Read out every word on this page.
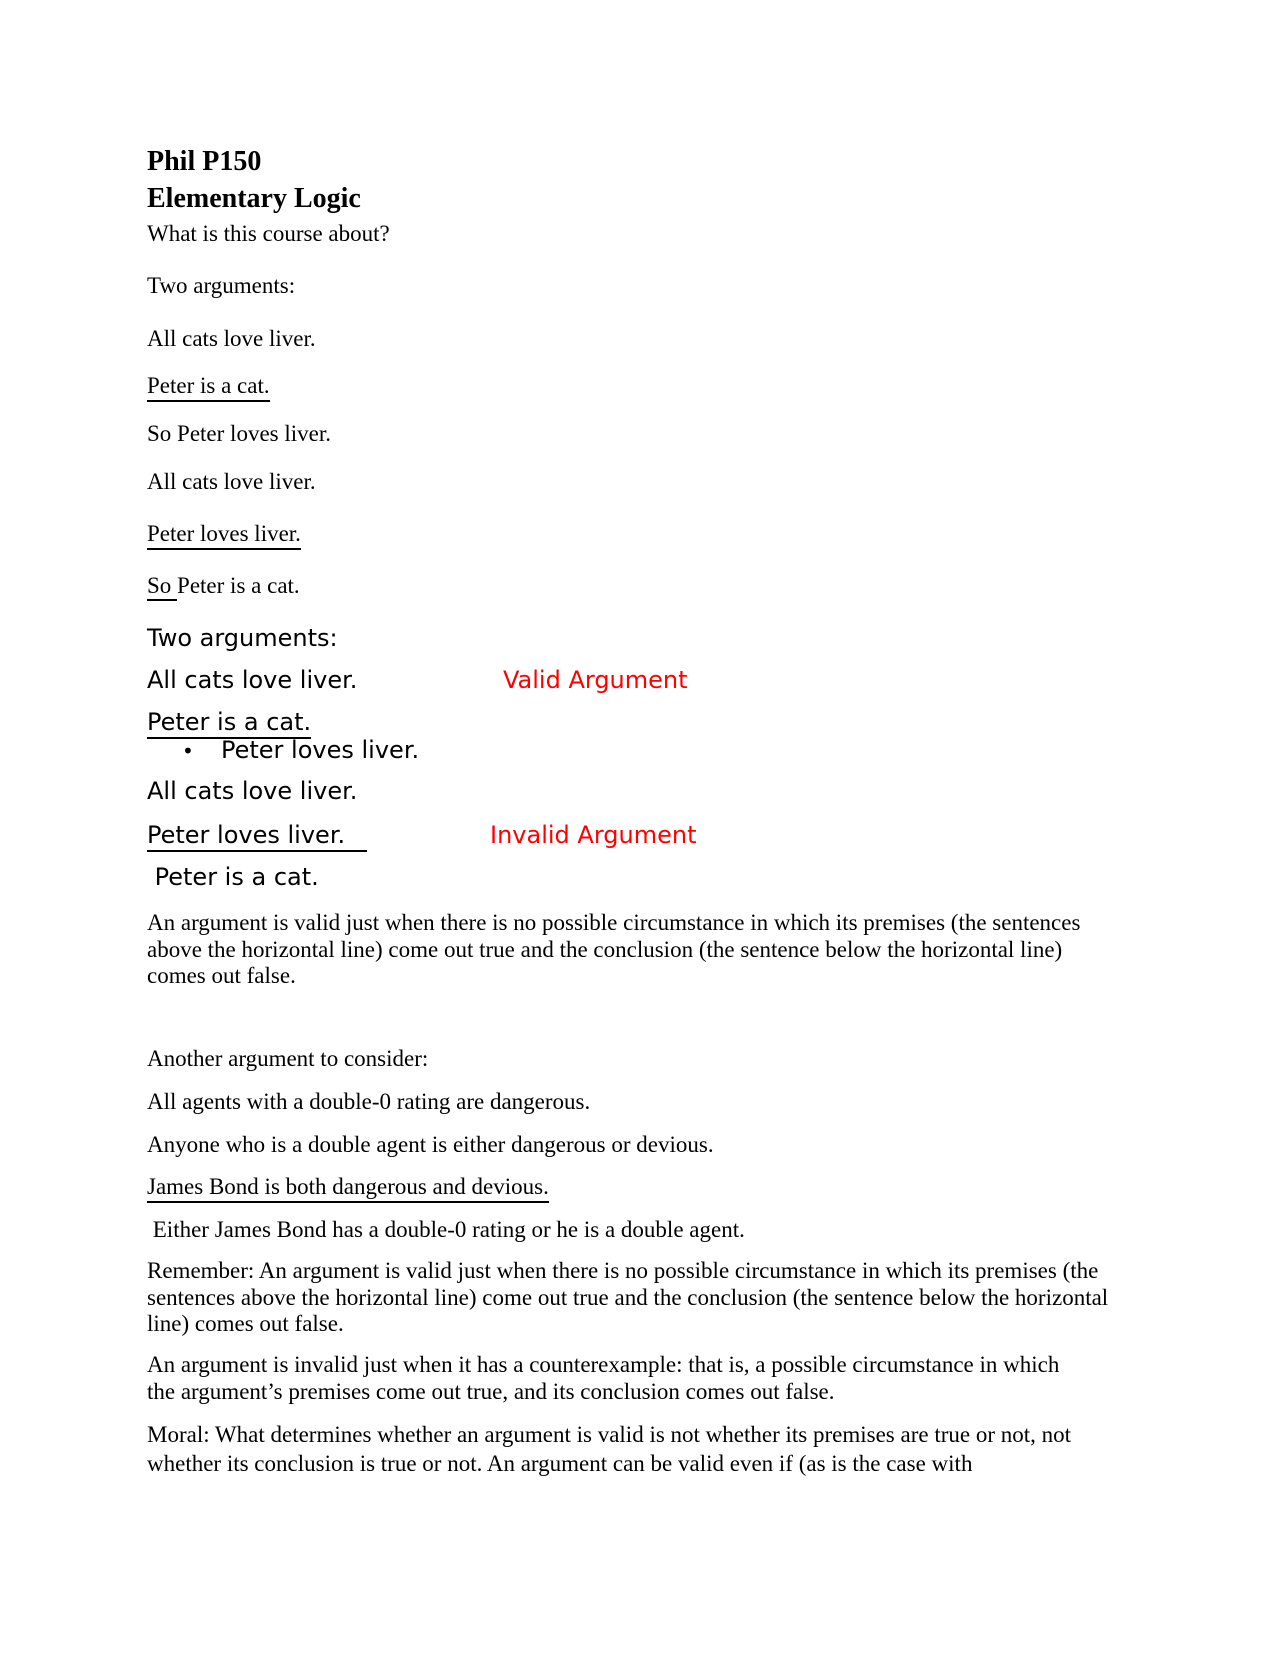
Phil P150
Elementary Logic
What is this course about?
Two arguments:
All cats love liver.
Peter is a cat.
So Peter loves liver.
All cats love liver.
Peter loves liver.
So Peter is a cat.
Two arguments:
All cats love liver.	Valid Argument
Peter is a cat.
• Peter loves liver.
All cats love liver.
Peter loves liver.	Invalid Argument
Peter is a cat.

An argument is valid just when there is no possible circumstance in which its premises (the sentences above the horizontal line) come out true and the conclusion (the sentence below the horizontal line) comes out false.

Another argument to consider:
All agents with a double-0 rating are dangerous.
Anyone who is a double agent is either dangerous or devious.
James Bond is both dangerous and devious.
Either James Bond has a double-0 rating or he is a double agent.

Remember: An argument is valid just when there is no possible circumstance in which its premises (the sentences above the horizontal line) come out true and the conclusion (the sentence below the horizontal line) comes out false.

An argument is invalid just when it has a counterexample: that is, a possible circumstance in which the argument’s premises come out true, and its conclusion comes out false.

Moral: What determines whether an argument is valid is not whether its premises are true or not, not whether its conclusion is true or not. An argument can be valid even if (as is the case with
